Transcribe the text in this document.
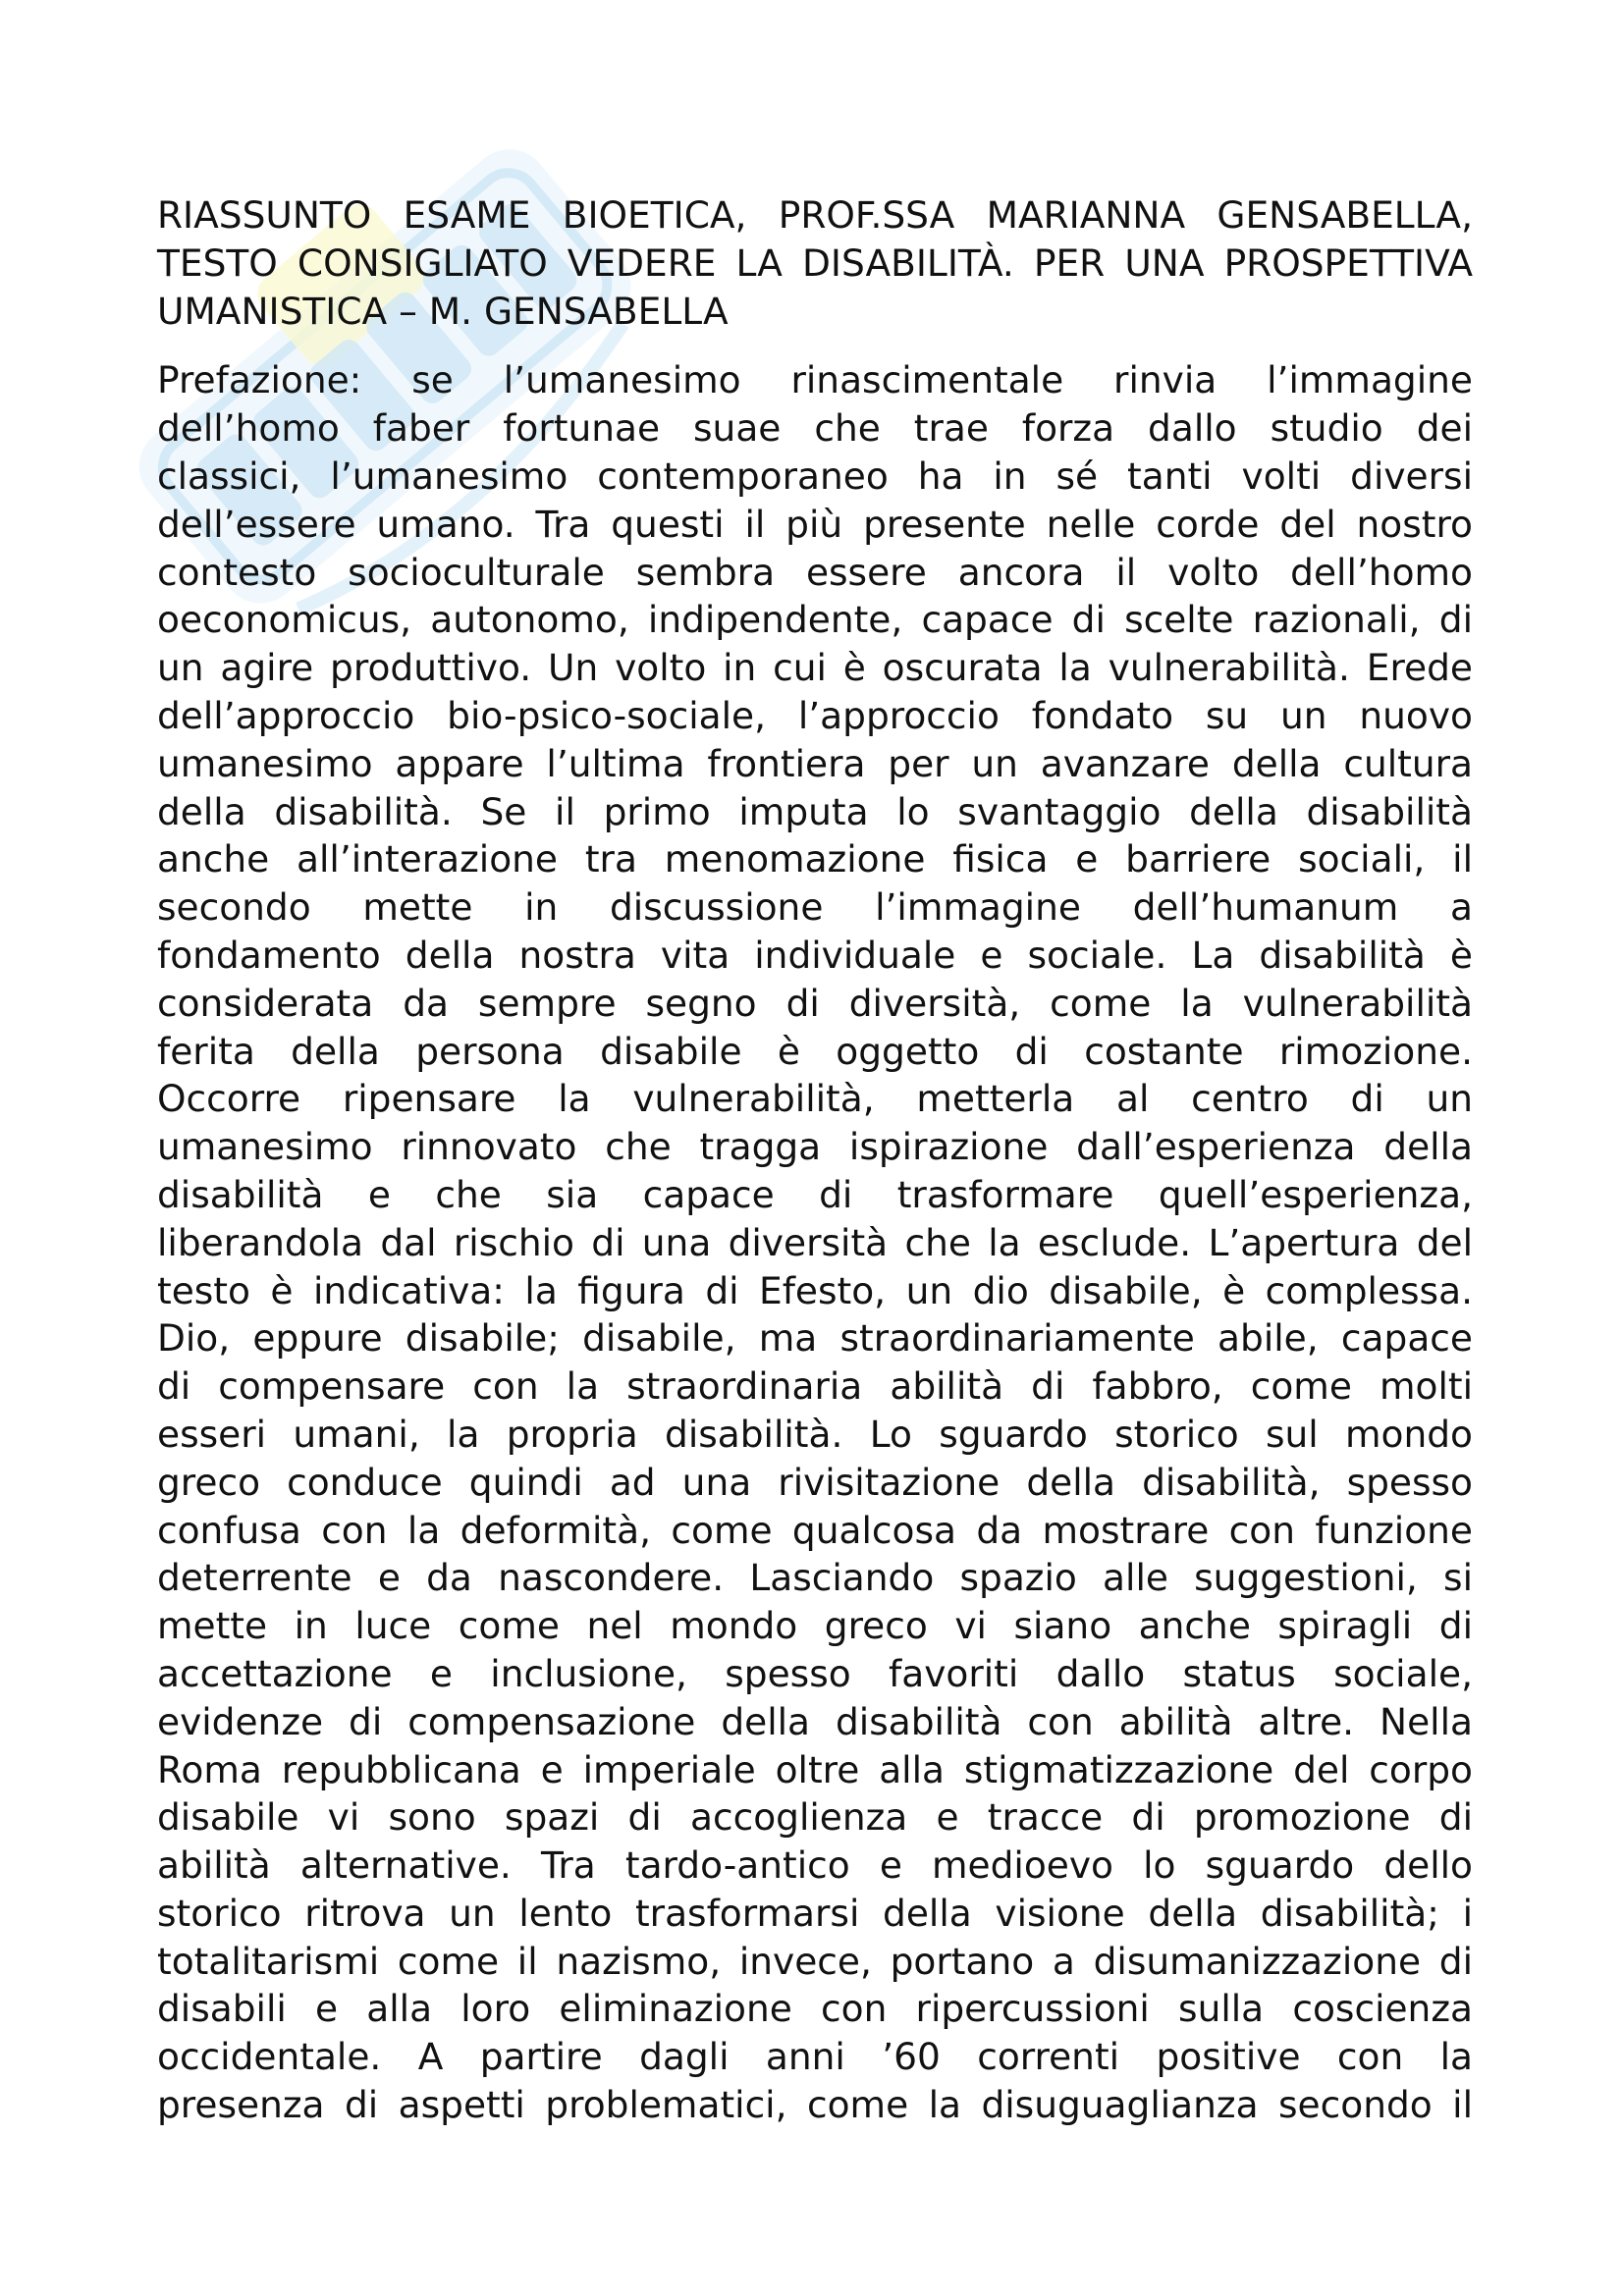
RIASSUNTO ESAME BIOETICA, PROF.SSA MARIANNA GENSABELLA,
TESTO CONSIGLIATO VEDERE LA DISABILITÀ. PER UNA PROSPETTIVA
UMANISTICA – M. GENSABELLA
Prefazione: se l’umanesimo rinascimentale rinvia l’immagine
dell’homo faber fortunae suae che trae forza dallo studio dei
classici, l’umanesimo contemporaneo ha in sé tanti volti diversi
dell’essere umano. Tra questi il più presente nelle corde del nostro
contesto socioculturale sembra essere ancora il volto dell’homo
oeconomicus, autonomo, indipendente, capace di scelte razionali, di
un agire produttivo. Un volto in cui è oscurata la vulnerabilità. Erede
dell’approccio bio-psico-sociale, l’approccio fondato su un nuovo
umanesimo appare l’ultima frontiera per un avanzare della cultura
della disabilità. Se il primo imputa lo svantaggio della disabilità
anche all’interazione tra menomazione fisica e barriere sociali, il
secondo mette in discussione l’immagine dell’humanum a
fondamento della nostra vita individuale e sociale. La disabilità è
considerata da sempre segno di diversità, come la vulnerabilità
ferita della persona disabile è oggetto di costante rimozione.
Occorre ripensare la vulnerabilità, metterla al centro di un
umanesimo rinnovato che tragga ispirazione dall’esperienza della
disabilità e che sia capace di trasformare quell’esperienza,
liberandola dal rischio di una diversità che la esclude. L’apertura del
testo è indicativa: la figura di Efesto, un dio disabile, è complessa.
Dio, eppure disabile; disabile, ma straordinariamente abile, capace
di compensare con la straordinaria abilità di fabbro, come molti
esseri umani, la propria disabilità. Lo sguardo storico sul mondo
greco conduce quindi ad una rivisitazione della disabilità, spesso
confusa con la deformità, come qualcosa da mostrare con funzione
deterrente e da nascondere. Lasciando spazio alle suggestioni, si
mette in luce come nel mondo greco vi siano anche spiragli di
accettazione e inclusione, spesso favoriti dallo status sociale,
evidenze di compensazione della disabilità con abilità altre. Nella
Roma repubblicana e imperiale oltre alla stigmatizzazione del corpo
disabile vi sono spazi di accoglienza e tracce di promozione di
abilità alternative. Tra tardo-antico e medioevo lo sguardo dello
storico ritrova un lento trasformarsi della visione della disabilità; i
totalitarismi come il nazismo, invece, portano a disumanizzazione di
disabili e alla loro eliminazione con ripercussioni sulla coscienza
occidentale. A partire dagli anni ’60 correnti positive con la
presenza di aspetti problematici, come la disuguaglianza secondo il
